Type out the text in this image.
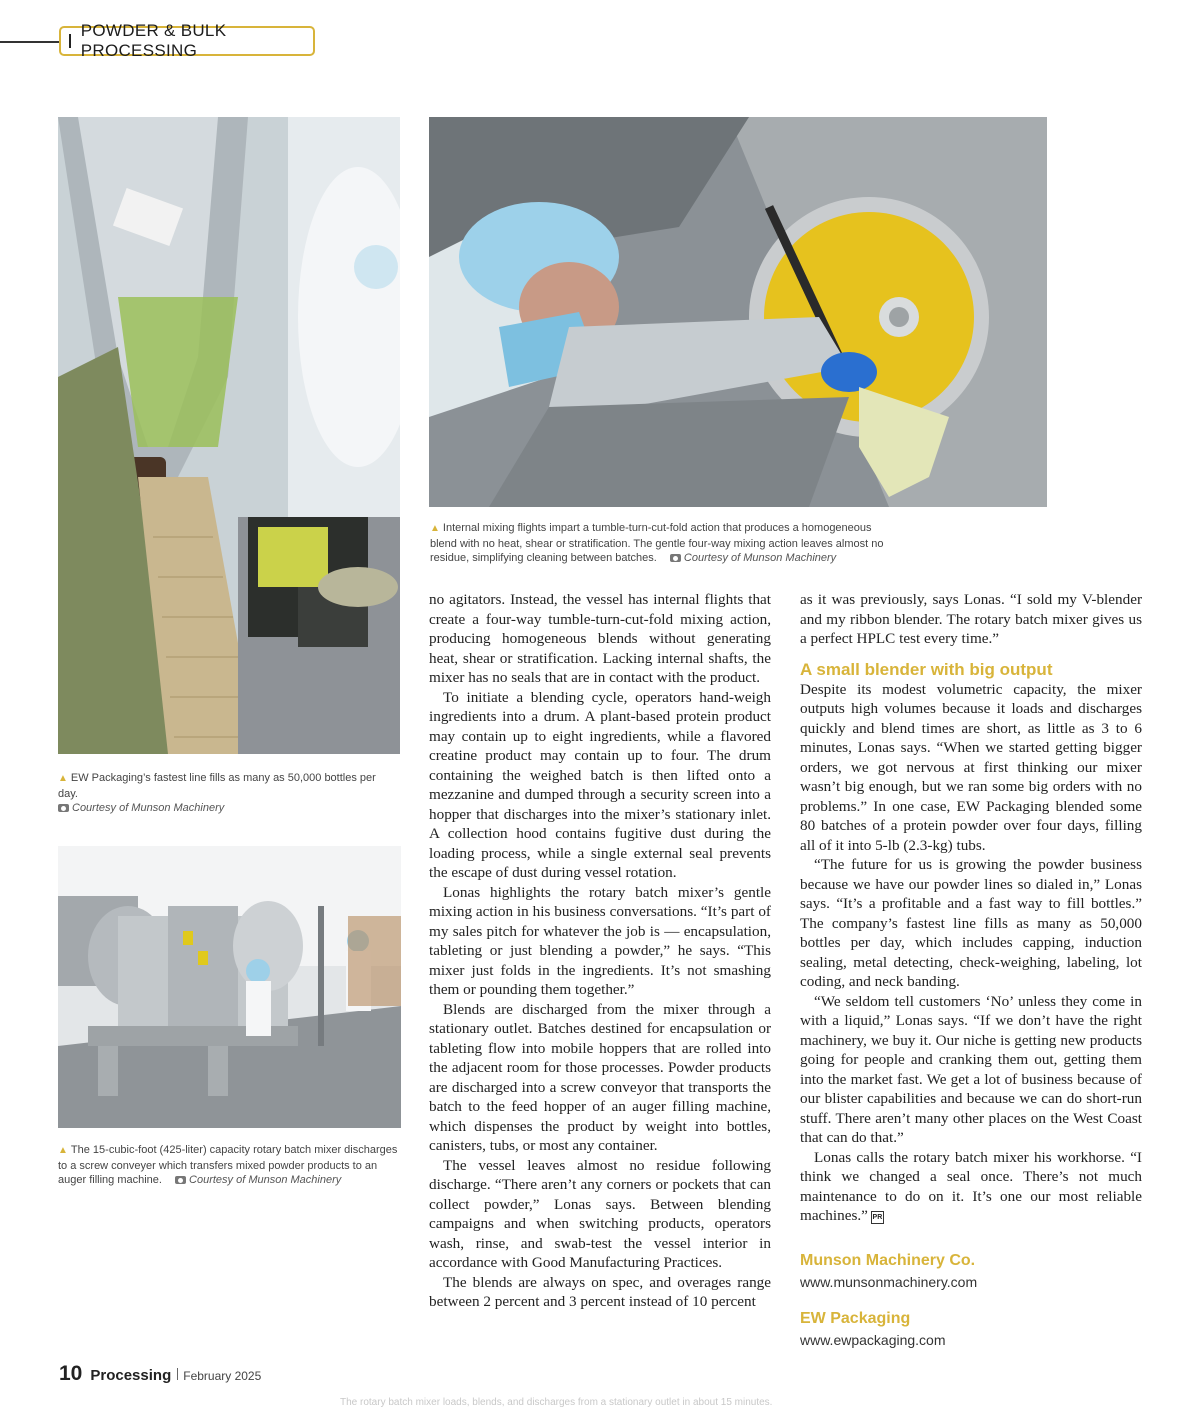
POWDER & BULK PROCESSING
▲ EW Packaging’s fastest line fills as many as 50,000 bottles per day.
Courtesy of Munson Machinery
▲ Internal mixing flights impart a tumble-turn-cut-fold action that produces a homogeneous blend with no heat, shear or stratification. The gentle four-way mixing action leaves almost no residue, simplifying cleaning between batches. Courtesy of Munson Machinery
▲ The 15-cubic-foot (425-liter) capacity rotary batch mixer discharges to a screw conveyer which transfers mixed powder products to an auger filling machine. Courtesy of Munson Machinery

no agitators. Instead, the vessel has internal flights that create a four-way tumble-turn-cut-fold mixing action, producing homogeneous blends without generating heat, shear or stratification. Lacking internal shafts, the mixer has no seals that are in contact with the product.

To initiate a blending cycle, operators hand-weigh ingredients into a drum. A plant-based protein product may contain up to eight ingredients, while a flavored creatine product may contain up to four. The drum containing the weighed batch is then lifted onto a mezzanine and dumped through a security screen into a hopper that discharges into the mixer’s stationary inlet. A collection hood contains fugitive dust during the loading process, while a single external seal prevents the escape of dust during vessel rotation.

Lonas highlights the rotary batch mixer’s gentle mixing action in his business conversations. “It’s part of my sales pitch for whatever the job is — encapsulation, tableting or just blending a powder,” he says. “This mixer just folds in the ingredients. It’s not smashing them or pounding them together.”

Blends are discharged from the mixer through a stationary outlet. Batches destined for encapsulation or tableting flow into mobile hoppers that are rolled into the adjacent room for those processes. Powder products are discharged into a screw conveyor that transports the batch to the feed hopper of an auger filling machine, which dispenses the product by weight into bottles, canisters, tubs, or most any container.

The vessel leaves almost no residue following discharge. “There aren’t any corners or pockets that can collect powder,” Lonas says. Between blending campaigns and when switching products, operators wash, rinse, and swab-test the vessel interior in accordance with Good Manufacturing Practices.

The blends are always on spec, and overages range between 2 percent and 3 percent instead of 10 percent

as it was previously, says Lonas. “I sold my V-blender and my ribbon blender. The rotary batch mixer gives us a perfect HPLC test every time.”

A small blender with big output

Despite its modest volumetric capacity, the mixer outputs high volumes because it loads and discharges quickly and blend times are short, as little as 3 to 6 minutes, Lonas says. “When we started getting bigger orders, we got nervous at first thinking our mixer wasn’t big enough, but we ran some big orders with no problems.” In one case, EW Packaging blended some 80 batches of a protein powder over four days, filling all of it into 5-lb (2.3-kg) tubs.

“The future for us is growing the powder business because we have our powder lines so dialed in,” Lonas says. “It’s a profitable and a fast way to fill bottles.” The company’s fastest line fills as many as 50,000 bottles per day, which includes capping, induction sealing, metal detecting, check-weighing, labeling, lot coding, and neck banding.

“We seldom tell customers ‘No’ unless they come in with a liquid,” Lonas says. “If we don’t have the right machinery, we buy it. Our niche is getting new products going for people and cranking them out, getting them into the market fast. We get a lot of business because of our blister capabilities and because we can do short-run stuff. There aren’t many other places on the West Coast that can do that.”

Lonas calls the rotary batch mixer his workhorse. “I think we changed a seal once. There’s not much maintenance to do on it. It’s one our most reliable machines.” PR

Munson Machinery Co.
www.munsonmachinery.com
EW Packaging
www.ewpackaging.com
10 Processing February 2025
The rotary batch mixer loads, blends, and discharges from a stationary outlet in about 15 minutes.
